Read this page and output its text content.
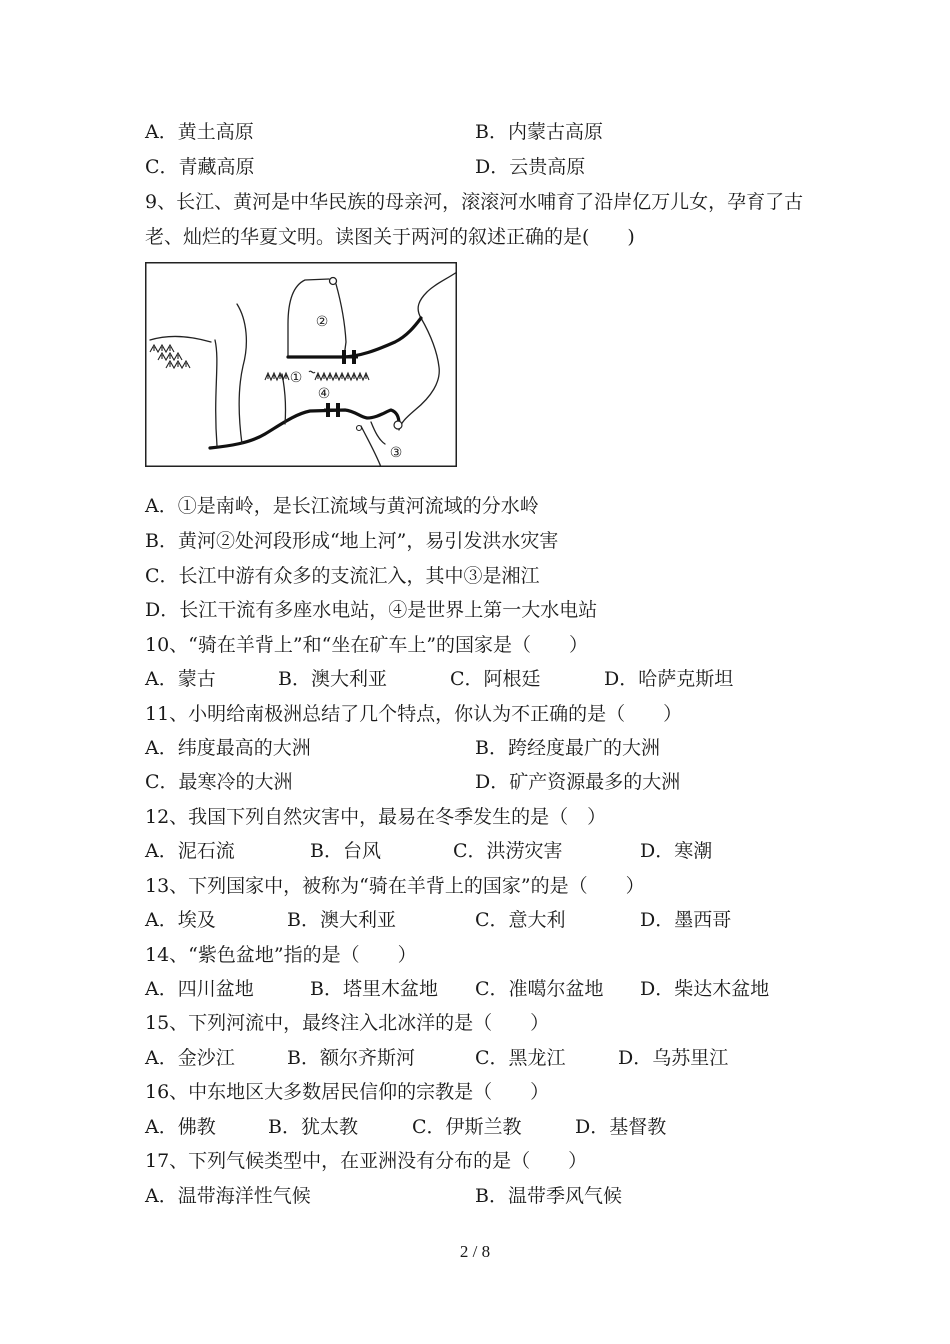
A．黄土高原	B．内蒙古高原
C．青藏高原	D．云贵高原
9、长江、黄河是中华民族的母亲河，滚滚河水哺育了沿岸亿万儿女，孕育了古
老、灿烂的华夏文明。读图关于两河的叙述正确的是(　　)
②
①
④
③
A．①是南岭，是长江流域与黄河流域的分水岭
B．黄河②处河段形成“地上河”，易引发洪水灾害
C．长江中游有众多的支流汇入，其中③是湘江
D．长江干流有多座水电站，④是世界上第一大水电站
10、“骑在羊背上”和“坐在矿车上”的国家是（　　）
A．蒙古	B．澳大利亚	C．阿根廷	D．哈萨克斯坦
11、小明给南极洲总结了几个特点，你认为不正确的是（　　）
A．纬度最高的大洲	B．跨经度最广的大洲
C．最寒冷的大洲	D．矿产资源最多的大洲
12、我国下列自然灾害中，最易在冬季发生的是（　）
A．泥石流	B．台风	C．洪涝灾害	D．寒潮
13、下列国家中，被称为“骑在羊背上的国家”的是（　　）
A．埃及	B．澳大利亚	C．意大利	D．墨西哥
14、“紫色盆地”指的是（　　）
A．四川盆地	B．塔里木盆地 C．准噶尔盆地 D．柴达木盆地
15、下列河流中，最终注入北冰洋的是（　　）
A．金沙江	B．额尔齐斯河	C．黑龙江	D．乌苏里江
16、中东地区大多数居民信仰的宗教是（　　）
A．佛教	B．犹太教	C．伊斯兰教	D．基督教
17、下列气候类型中，在亚洲没有分布的是（　　）
A．温带海洋性气候	B．温带季风气候
2 / 8
